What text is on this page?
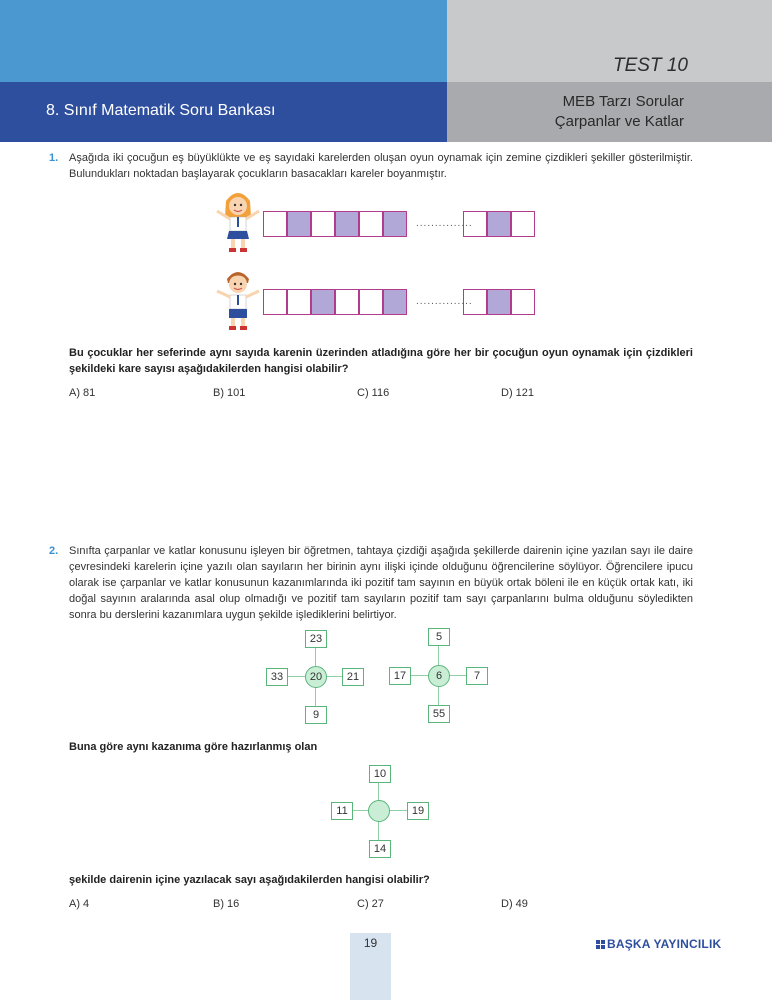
TEST 10
8. Sınıf Matematik Soru Bankası
MEB Tarzı Sorular
Çarpanlar ve Katlar
1. Aşağıda iki çocuğun eş büyüklükte ve eş sayıdaki karelerden oluşan oyun oynamak için zemine çizdikleri şekiller gösterilmiştir. Bulundukları noktadan başlayarak çocukların basacakları kareler boyanmıştır.
...............
...............
Bu çocuklar her seferinde aynı sayıda karenin üzerinden atladığına göre her bir çocuğun oyun oynamak için çizdikleri şekildeki kare sayısı aşağıdakilerden hangisi olabilir?
A) 81	B) 101	C) 116	D) 121
2. Sınıfta çarpanlar ve katlar konusunu işleyen bir öğretmen, tahtaya çizdiği aşağıda şekillerde dairenin içine yazılan sayı ile daire çevresindeki karelerin içine yazılı olan sayıların her birinin aynı ilişki içinde olduğunu öğrencilerine söylüyor. Öğrencilere ipucu olarak ise çarpanlar ve katlar konusunun kazanımlarında iki pozitif tam sayının en büyük ortak böleni ile en küçük ortak katı, iki doğal sayının aralarında asal olup olmadığı ve pozitif tam sayıların pozitif tam sayı çarpanlarını bulma olduğunu söyledikten sonra bu derslerini kazanımlara uygun şekilde işlediklerini belirtiyor.
23
33	20	21
9
5
17	6	7
55
Buna göre aynı kazanıma göre hazırlanmış olan
10
11	19
14
şekilde dairenin içine yazılacak sayı aşağıdakilerden hangisi olabilir?
A) 4	B) 16	C) 27	D) 49
19	BAŞKA YAYINCILIK
